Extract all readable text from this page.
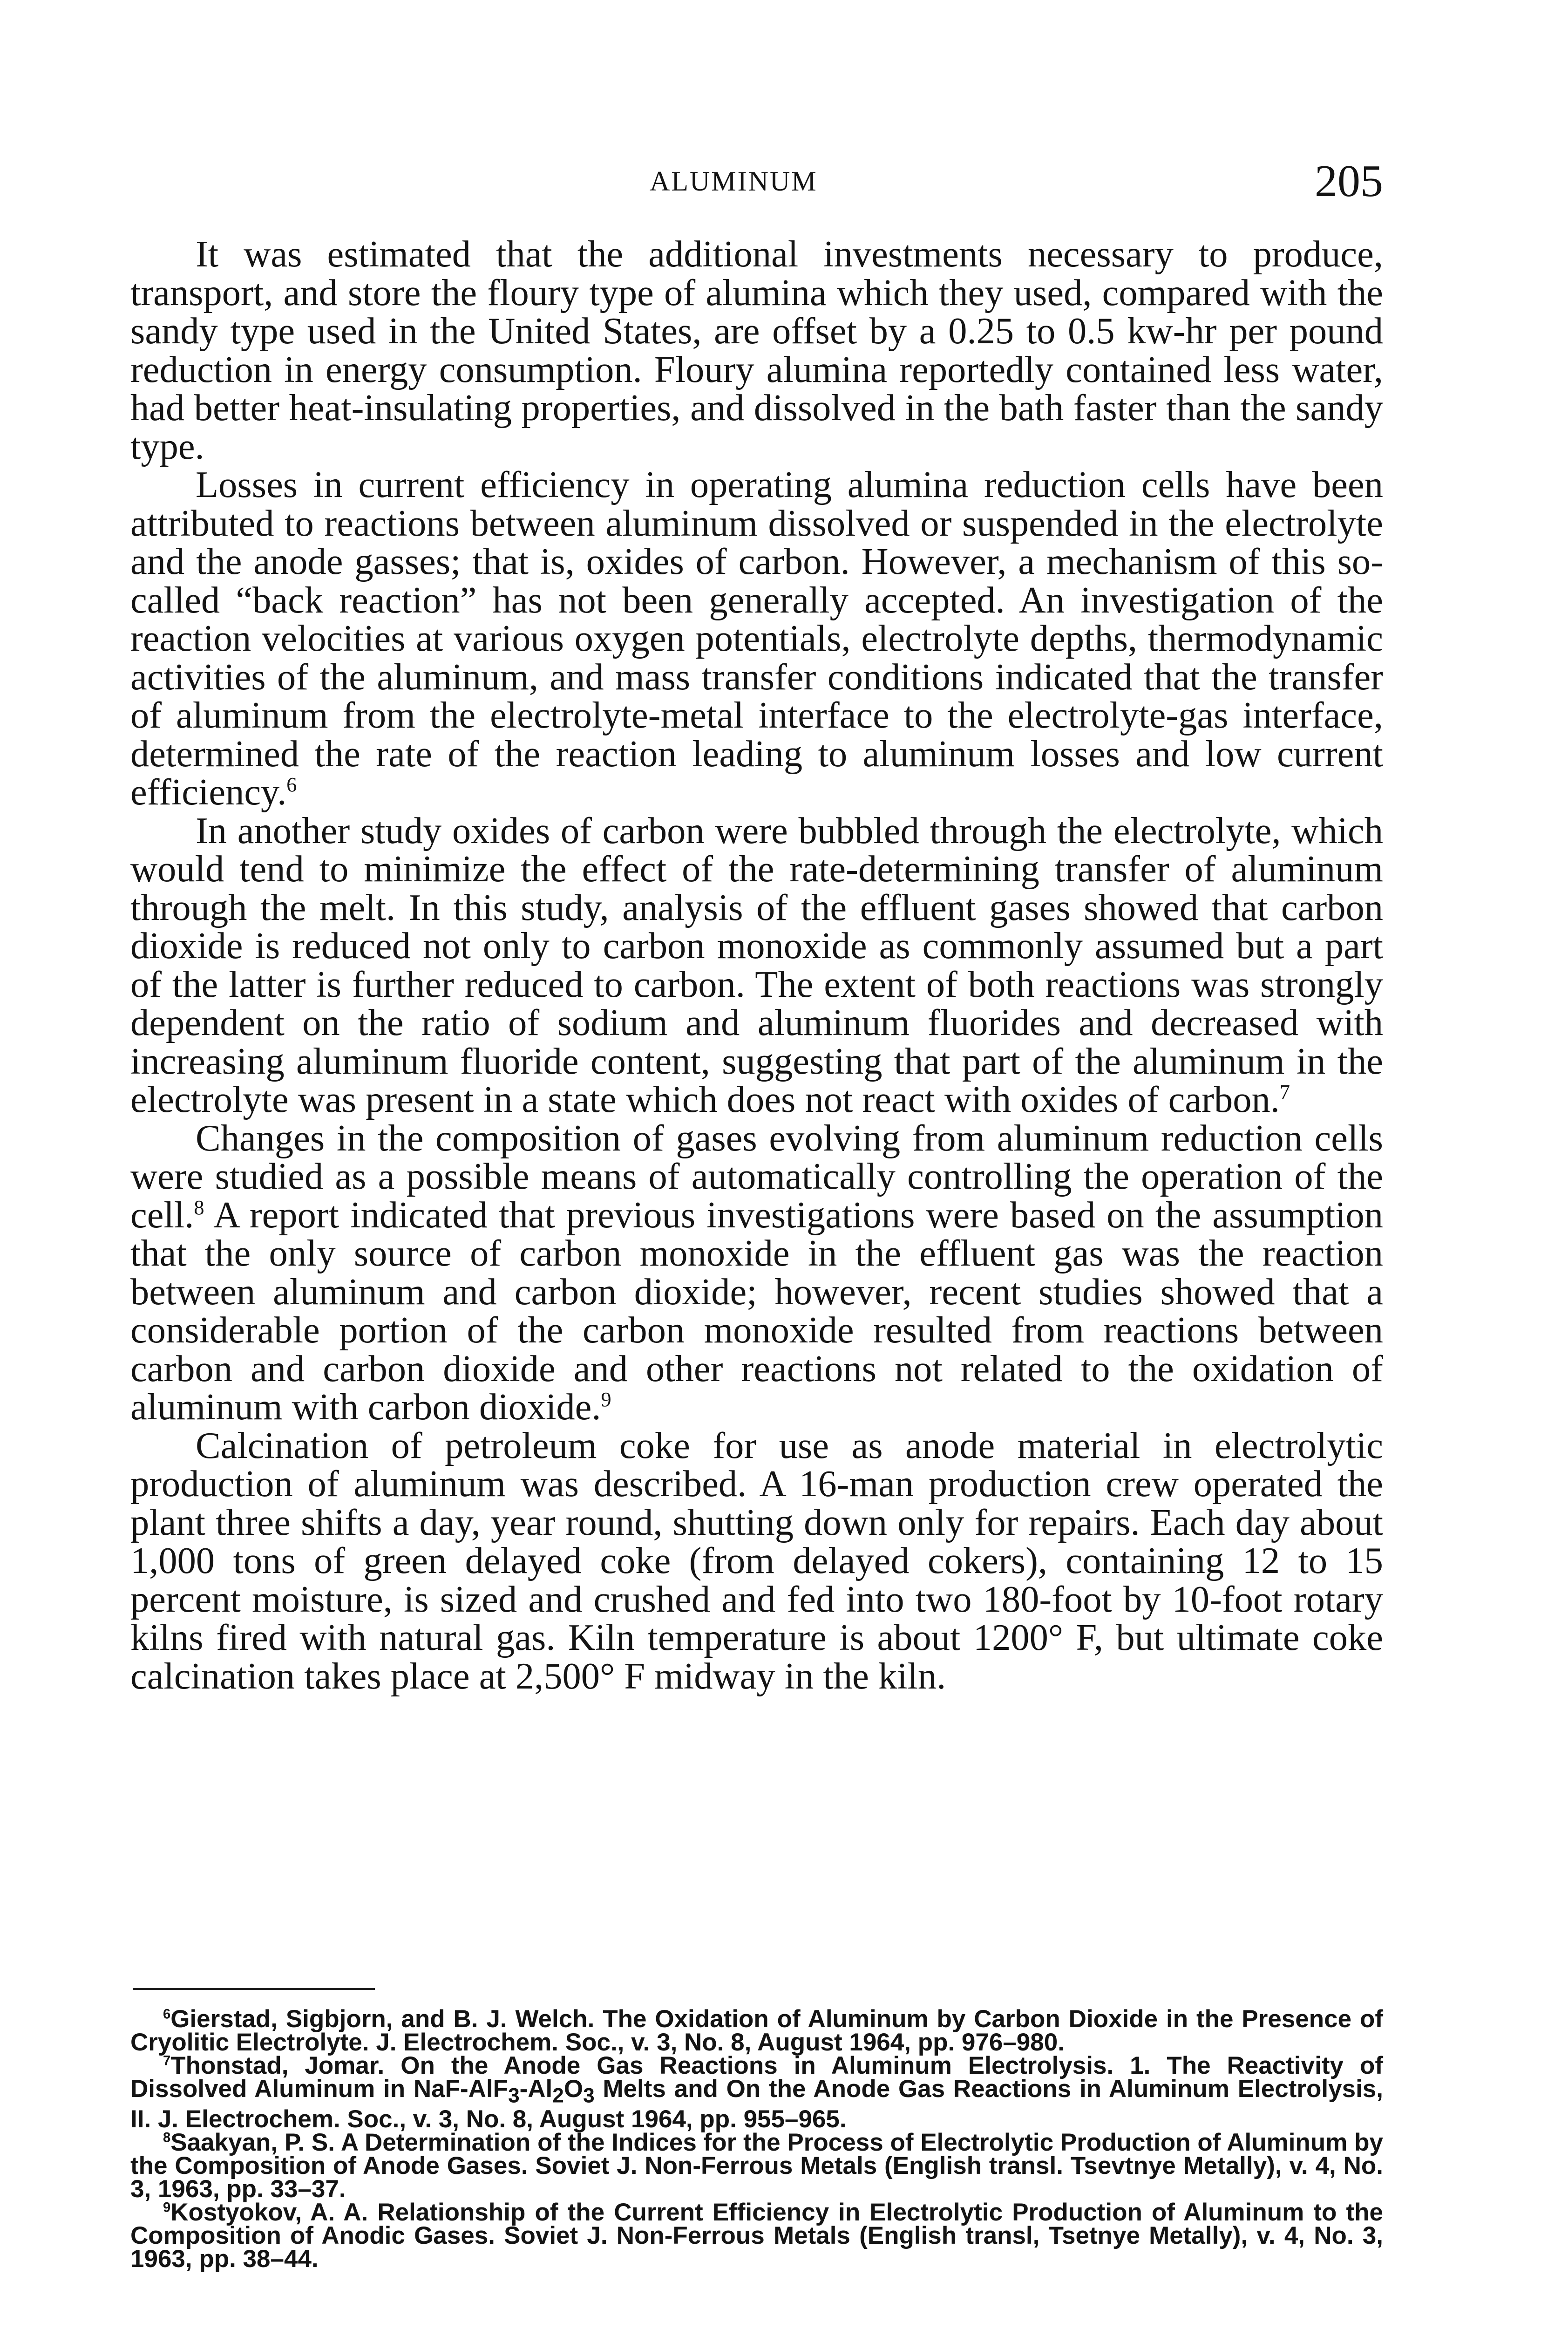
ALUMINUM	205

It was estimated that the additional investments necessary to produce, transport, and store the floury type of alumina which they used, compared with the sandy type used in the United States, are offset by a 0.25 to 0.5 kw-hr per pound reduction in energy consumption. Floury alumina reportedly contained less water, had better heat-insulating properties, and dissolved in the bath faster than the sandy type.

Losses in current efficiency in operating alumina reduction cells have been attributed to reactions between aluminum dissolved or suspended in the electrolyte and the anode gasses; that is, oxides of carbon. However, a mechanism of this so-called “back reaction” has not been generally accepted. An investigation of the reaction velocities at various oxygen potentials, electrolyte depths, thermodynamic activities of the aluminum, and mass transfer conditions indicated that the transfer of aluminum from the electrolyte-metal interface to the electrolyte-gas interface, determined the rate of the reaction leading to aluminum losses and low current efficiency.$^6$

In another study oxides of carbon were bubbled through the electrolyte, which would tend to minimize the effect of the rate-determining transfer of aluminum through the melt. In this study, analysis of the effluent gases showed that carbon dioxide is reduced not only to carbon monoxide as commonly assumed but a part of the latter is further reduced to carbon. The extent of both reactions was strongly dependent on the ratio of sodium and aluminum fluorides and decreased with increasing aluminum fluoride content, suggesting that part of the aluminum in the electrolyte was present in a state which does not react with oxides of carbon.$^7$

Changes in the composition of gases evolving from aluminum reduction cells were studied as a possible means of automatically controlling the operation of the cell.$^8$ A report indicated that previous investigations were based on the assumption that the only source of carbon monoxide in the effluent gas was the reaction between aluminum and carbon dioxide; however, recent studies showed that a considerable portion of the carbon monoxide resulted from reactions between carbon and carbon dioxide and other reactions not related to the oxidation of aluminum with carbon dioxide.$^9$

Calcination of petroleum coke for use as anode material in electrolytic production of aluminum was described. A 16-man production crew operated the plant three shifts a day, year round, shutting down only for repairs. Each day about 1,000 tons of green delayed coke (from delayed cokers), containing 12 to 15 percent moisture, is sized and crushed and fed into two 180-foot by 10-foot rotary kilns fired with natural gas. Kiln temperature is about 1200° F, but ultimate coke calcination takes place at 2,500° F midway in the kiln.

$^6$Gierstad, Sigbjorn, and B. J. Welch. The Oxidation of Aluminum by Carbon Dioxide in the Presence of Cryolitic Electrolyte. J. Electrochem. Soc., v. 3, No. 8, August 1964, pp. 976–980.

$^7$Thonstad, Jomar. On the Anode Gas Reactions in Aluminum Electrolysis. 1. The Reactivity of Dissolved Aluminum in NaF-$AlF_3-Al_2O_3$ Melts and On the Anode Gas Reactions in Aluminum Electrolysis, II. J. Electrochem. Soc., v. 3, No. 8, August 1964, pp. 955–965.

$^8$Saakyan, P. S. A Determination of the Indices for the Process of Electrolytic Production of Aluminum by the Composition of Anode Gases. Soviet J. Non-Ferrous Metals (English transl. Tsevtnye Metally), v. 4, No. 3, 1963, pp. 33–37.

$^9$Kostyokov, A. A. Relationship of the Current Efficiency in Electrolytic Production of Aluminum to the Composition of Anodic Gases. Soviet J. Non-Ferrous Metals (English transl, Tsetnye Metally), v. 4, No. 3, 1963, pp. 38–44.
